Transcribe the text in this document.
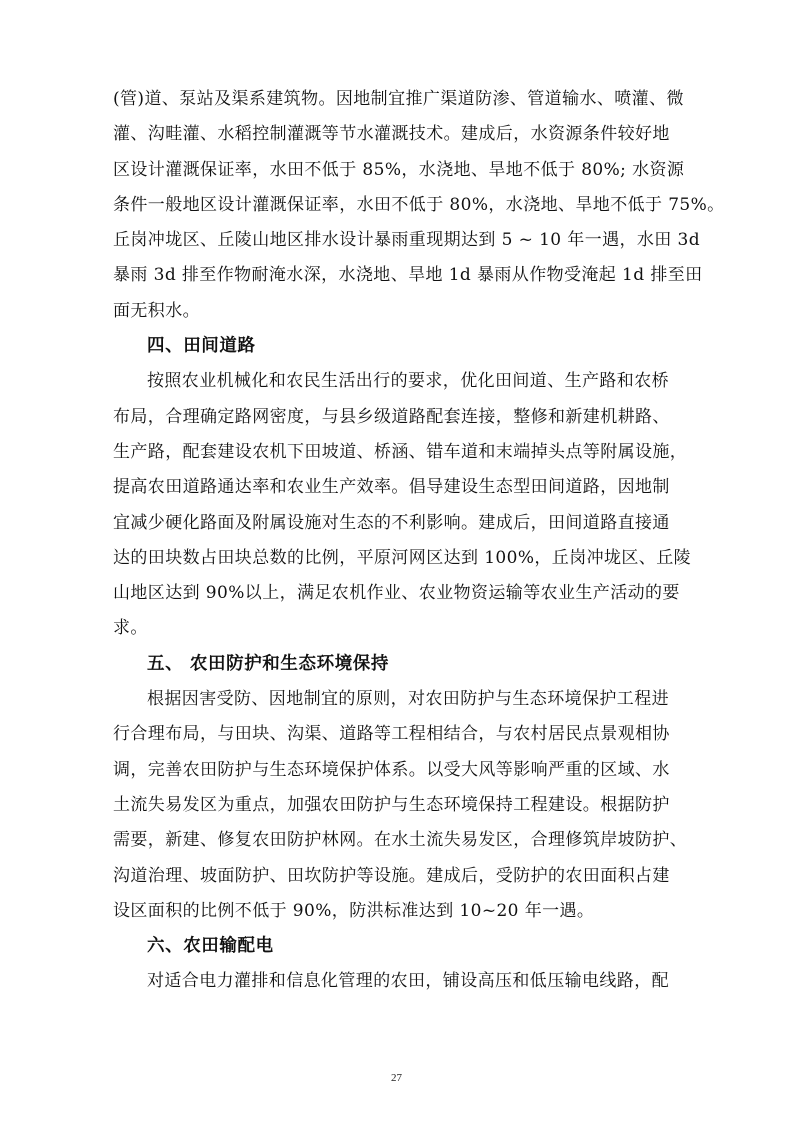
(管)道、泵站及渠系建筑物。因地制宜推广渠道防渗、管道输水、喷灌、微
灌、沟畦灌、水稻控制灌溉等节水灌溉技术。建成后，水资源条件较好地
区设计灌溉保证率，水田不低于 85%，水浇地、旱地不低于 80%; 水资源
条件一般地区设计灌溉保证率，水田不低于 80%，水浇地、旱地不低于 75%。
丘岗冲垅区、丘陵山地区排水设计暴雨重现期达到 5 ~ 10 年一遇，水田 3d
暴雨 3d 排至作物耐淹水深，水浇地、旱地 1d 暴雨从作物受淹起 1d 排至田
面无积水。
四、田间道路
按照农业机械化和农民生活出行的要求，优化田间道、生产路和农桥
布局，合理确定路网密度，与县乡级道路配套连接，整修和新建机耕路、
生产路，配套建设农机下田坡道、桥涵、错车道和末端掉头点等附属设施，
提高农田道路通达率和农业生产效率。倡导建设生态型田间道路，因地制
宜减少硬化路面及附属设施对生态的不利影响。建成后，田间道路直接通
达的田块数占田块总数的比例，平原河网区达到 100%，丘岗冲垅区、丘陵
山地区达到 90%以上，满足农机作业、农业物资运输等农业生产活动的要
求。
五、 农田防护和生态环境保持
根据因害受防、因地制宜的原则，对农田防护与生态环境保护工程进
行合理布局，与田块、沟渠、道路等工程相结合，与农村居民点景观相协
调，完善农田防护与生态环境保护体系。以受大风等影响严重的区域、水
土流失易发区为重点，加强农田防护与生态环境保持工程建设。根据防护
需要，新建、修复农田防护林网。在水土流失易发区，合理修筑岸坡防护、
沟道治理、坡面防护、田坎防护等设施。建成后，受防护的农田面积占建
设区面积的比例不低于 90%，防洪标准达到 10~20 年一遇。
六、农田输配电
对适合电力灌排和信息化管理的农田，铺设高压和低压输电线路，配
27
